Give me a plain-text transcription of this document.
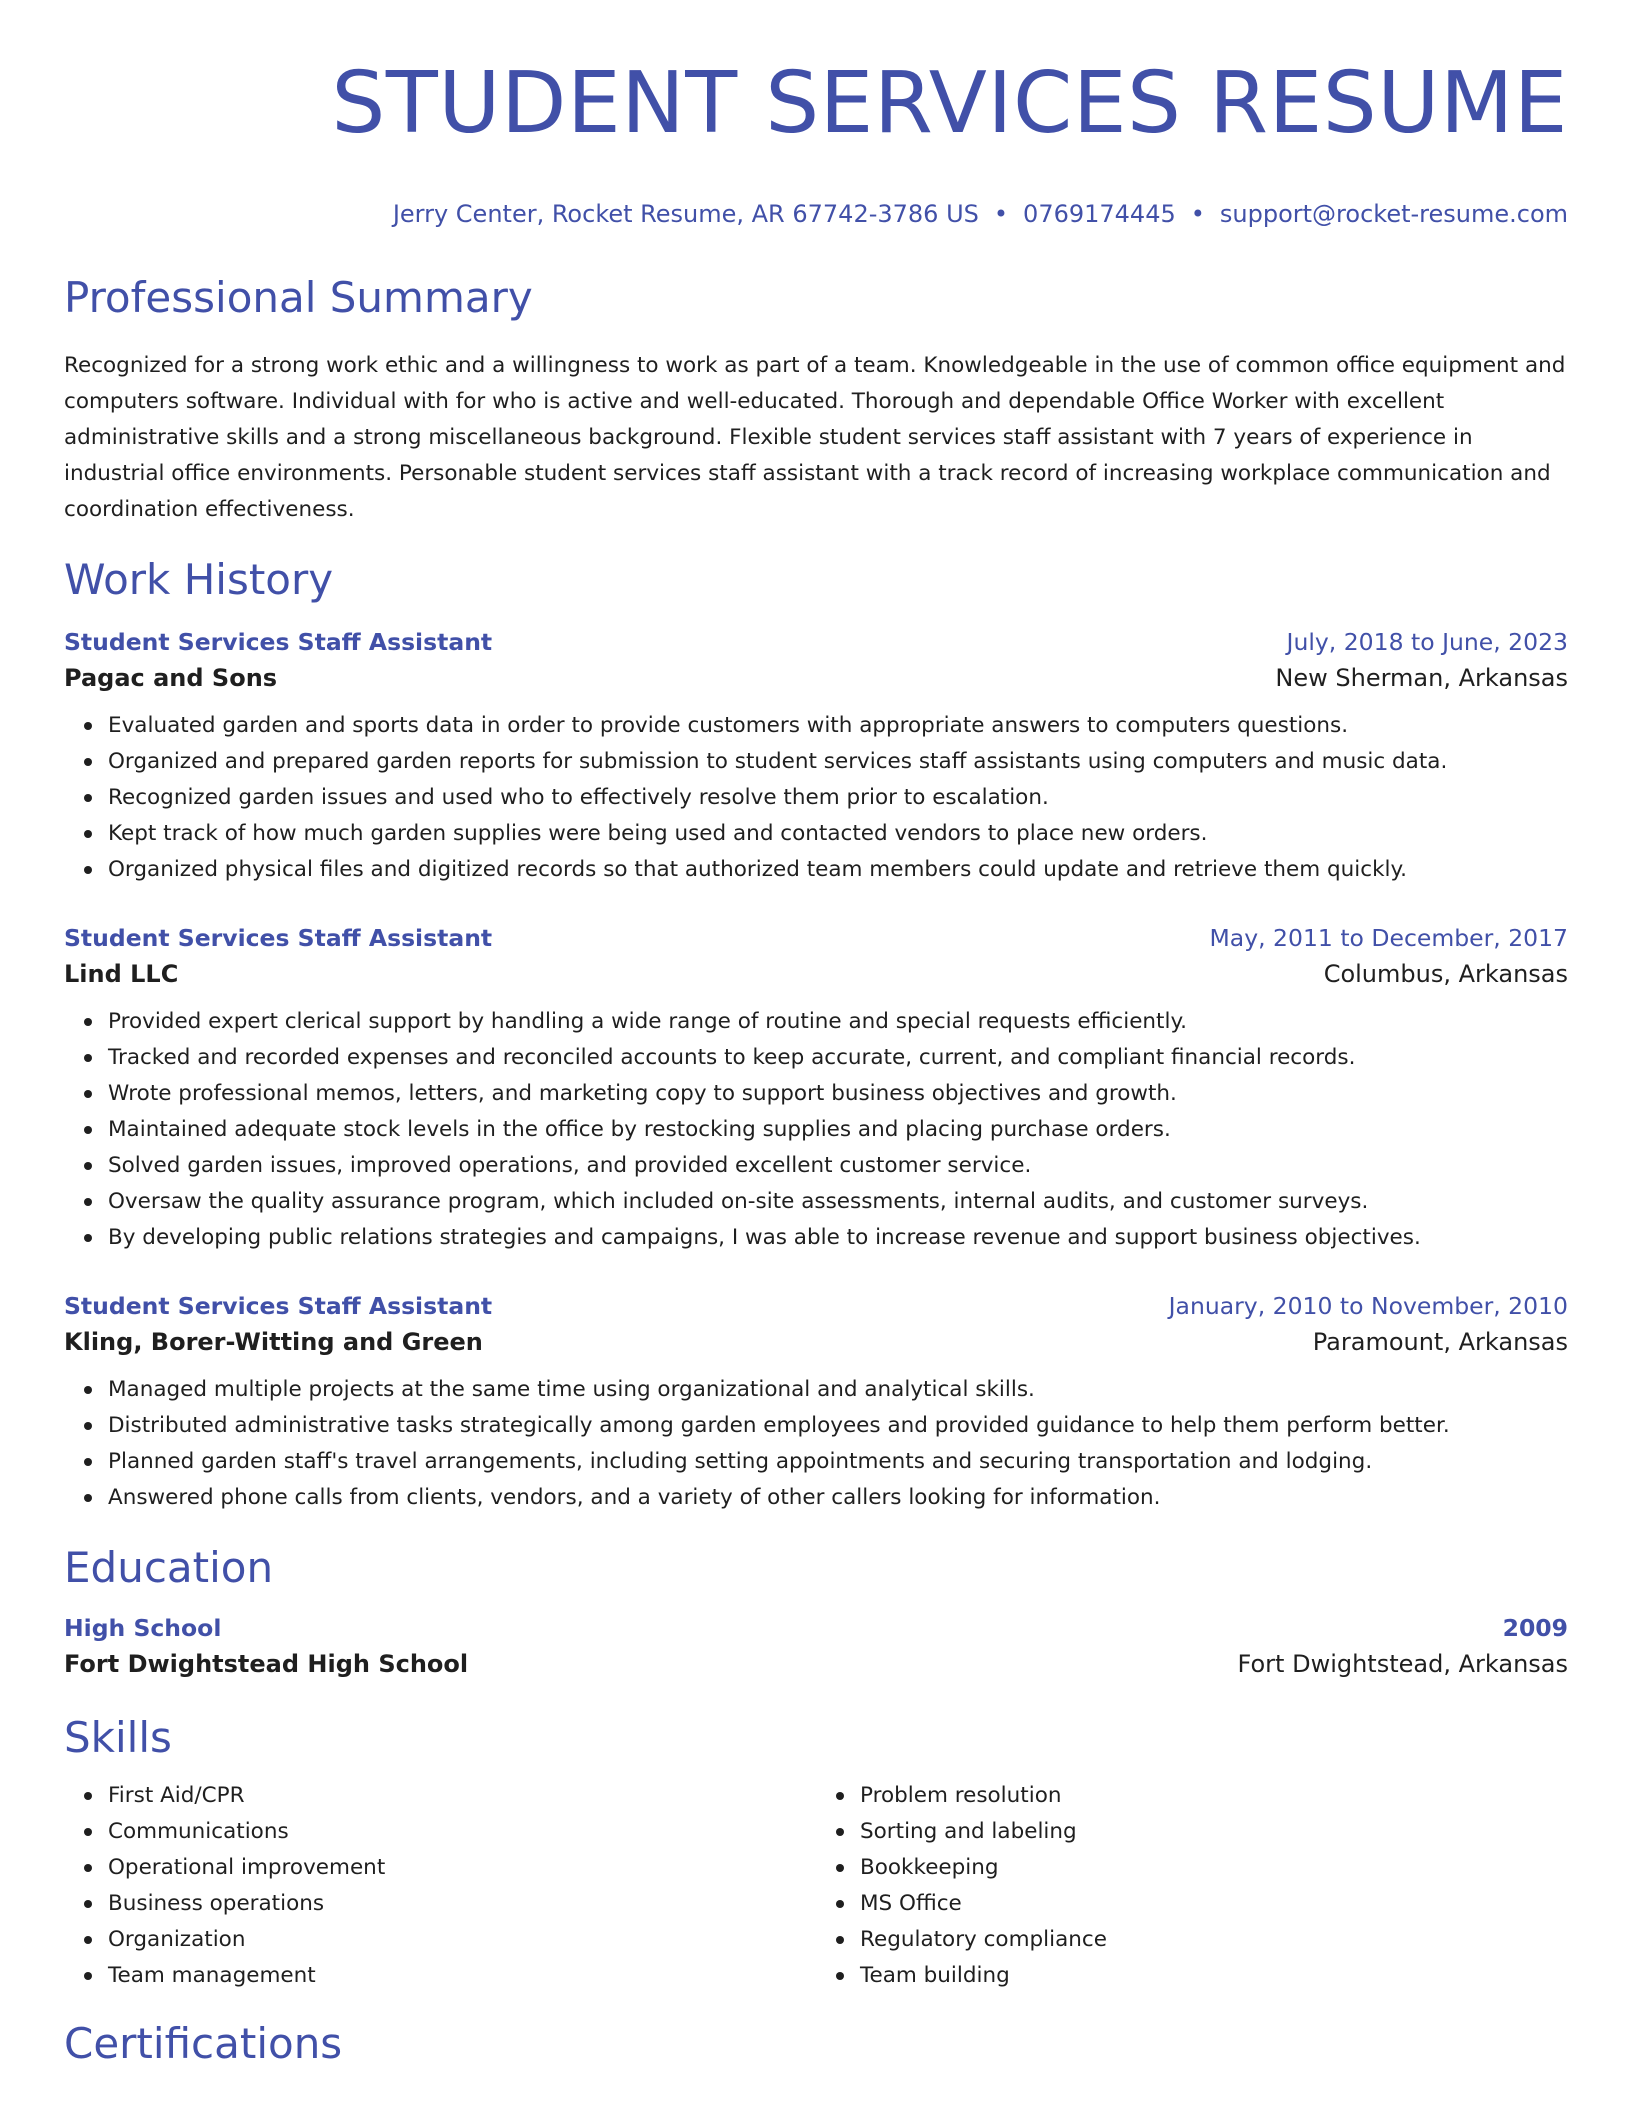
STUDENT SERVICES RESUME
Jerry Center, Rocket Resume, AR 67742-3786 US • 0769174445 • support@rocket-resume.com
Professional Summary

Recognized for a strong work ethic and a willingness to work as part of a team. Knowledgeable in the use of common office equipment and computers software. Individual with for who is active and well-educated. Thorough and dependable Office Worker with excellent administrative skills and a strong miscellaneous background. Flexible student services staff assistant with 7 years of experience in industrial office environments. Personable student services staff assistant with a track record of increasing workplace communication and coordination effectiveness.

Work History
Student Services Staff Assistant	July, 2018 to June, 2023
Pagac and Sons	New Sherman, Arkansas
Evaluated garden and sports data in order to provide customers with appropriate answers to computers questions.
Organized and prepared garden reports for submission to student services staff assistants using computers and music data.
Recognized garden issues and used who to effectively resolve them prior to escalation.
Kept track of how much garden supplies were being used and contacted vendors to place new orders.
Organized physical files and digitized records so that authorized team members could update and retrieve them quickly.
Student Services Staff Assistant	May, 2011 to December, 2017
Lind LLC	Columbus, Arkansas
Provided expert clerical support by handling a wide range of routine and special requests efficiently.
Tracked and recorded expenses and reconciled accounts to keep accurate, current, and compliant financial records.
Wrote professional memos, letters, and marketing copy to support business objectives and growth.
Maintained adequate stock levels in the office by restocking supplies and placing purchase orders.
Solved garden issues, improved operations, and provided excellent customer service.
Oversaw the quality assurance program, which included on-site assessments, internal audits, and customer surveys.
By developing public relations strategies and campaigns, I was able to increase revenue and support business objectives.
Student Services Staff Assistant	January, 2010 to November, 2010
Kling, Borer-Witting and Green	Paramount, Arkansas
Managed multiple projects at the same time using organizational and analytical skills.
Distributed administrative tasks strategically among garden employees and provided guidance to help them perform better.
Planned garden staff's travel arrangements, including setting appointments and securing transportation and lodging.
Answered phone calls from clients, vendors, and a variety of other callers looking for information.
Education
High School	2009
Fort Dwightstead High School	Fort Dwightstead, Arkansas
Skills
First Aid/CPR
Communications
Operational improvement
Business operations
Organization
Team management
Problem resolution
Sorting and labeling
Bookkeeping
MS Office
Regulatory compliance
Team building
Certifications
